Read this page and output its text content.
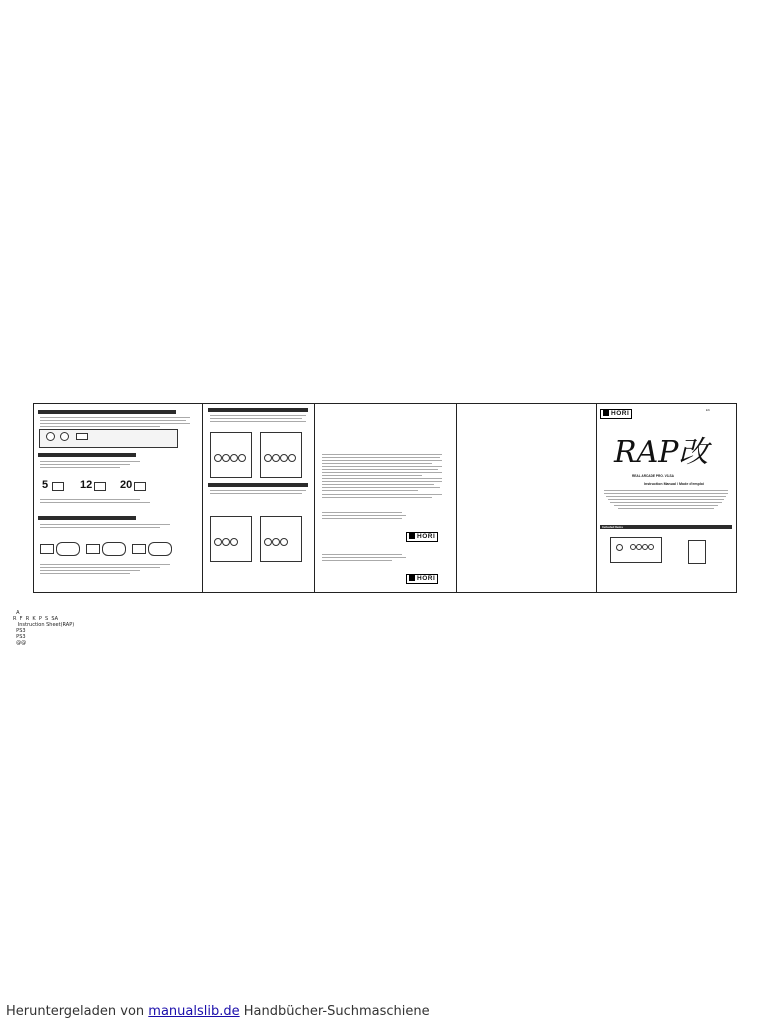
5	12	20
HORI
HORI
HORI	EN
RAP改
REAL ARCADE PRO. V3-SA
Instruction Manual / Mode d'emploi
Included Items
A
R  F  R  K  P  S  SA
Instruction Sheet(RAP)
PS3
PS3
@@
Heruntergeladen von manualslib.de Handbücher-Suchmaschiene
